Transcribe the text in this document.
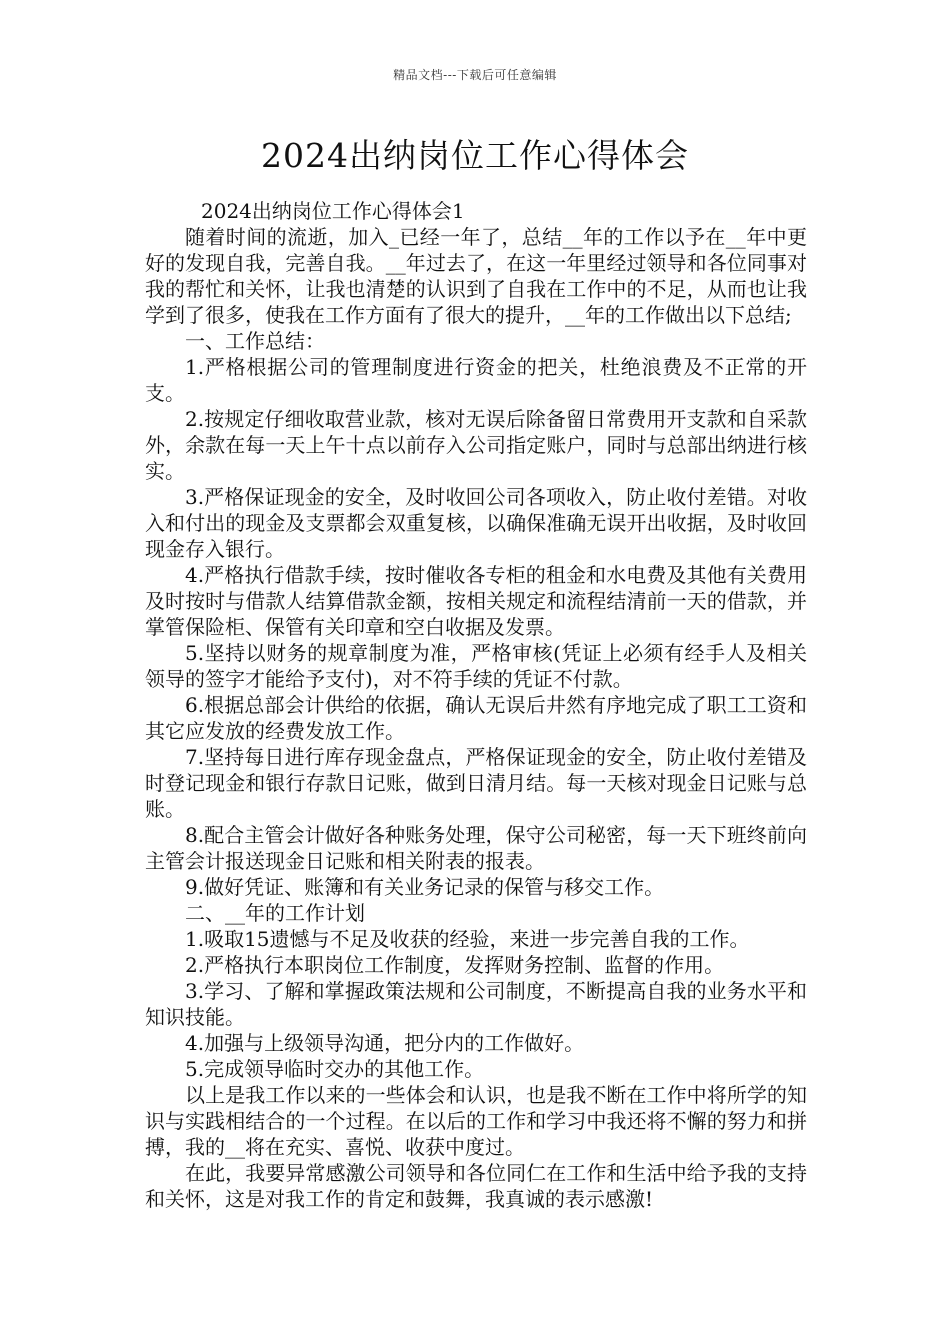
精品文档---下载后可任意编辑
2024出纳岗位工作心得体会

2024出纳岗位工作心得体会1

随着时间的流逝，加入_已经一年了，总结__年的工作以予在__年中更好的发现自我，完善自我。__年过去了，在这一年里经过领导和各位同事对我的帮忙和关怀，让我也清楚的认识到了自我在工作中的不足，从而也让我学到了很多，使我在工作方面有了很大的提升，__年的工作做出以下总结;

一、工作总结：

1.严格根据公司的管理制度进行资金的把关，杜绝浪费及不正常的开支。

2.按规定仔细收取营业款，核对无误后除备留日常费用开支款和自采款外，余款在每一天上午十点以前存入公司指定账户，同时与总部出纳进行核实。

3.严格保证现金的安全，及时收回公司各项收入，防止收付差错。对收入和付出的现金及支票都会双重复核，以确保准确无误开出收据，及时收回现金存入银行。

4.严格执行借款手续，按时催收各专柜的租金和水电费及其他有关费用及时按时与借款人结算借款金额，按相关规定和流程结清前一天的借款，并掌管保险柜、保管有关印章和空白收据及发票。

5.坚持以财务的规章制度为准，严格审核(凭证上必须有经手人及相关领导的签字才能给予支付)，对不符手续的凭证不付款。

6.根据总部会计供给的依据，确认无误后井然有序地完成了职工工资和其它应发放的经费发放工作。

7.坚持每日进行库存现金盘点，严格保证现金的安全，防止收付差错及时登记现金和银行存款日记账，做到日清月结。每一天核对现金日记账与总账。

8.配合主管会计做好各种账务处理，保守公司秘密，每一天下班终前向主管会计报送现金日记账和相关附表的报表。

9.做好凭证、账簿和有关业务记录的保管与移交工作。

二、__年的工作计划

1.吸取15遗憾与不足及收获的经验，来进一步完善自我的工作。

2.严格执行本职岗位工作制度，发挥财务控制、监督的作用。

3.学习、了解和掌握政策法规和公司制度，不断提高自我的业务水平和知识技能。

4.加强与上级领导沟通，把分内的工作做好。

5.完成领导临时交办的其他工作。

以上是我工作以来的一些体会和认识，也是我不断在工作中将所学的知识与实践相结合的一个过程。在以后的工作和学习中我还将不懈的努力和拼搏，我的__将在充实、喜悦、收获中度过。

在此，我要异常感激公司领导和各位同仁在工作和生活中给予我的支持和关怀，这是对我工作的肯定和鼓舞，我真诚的表示感激!
